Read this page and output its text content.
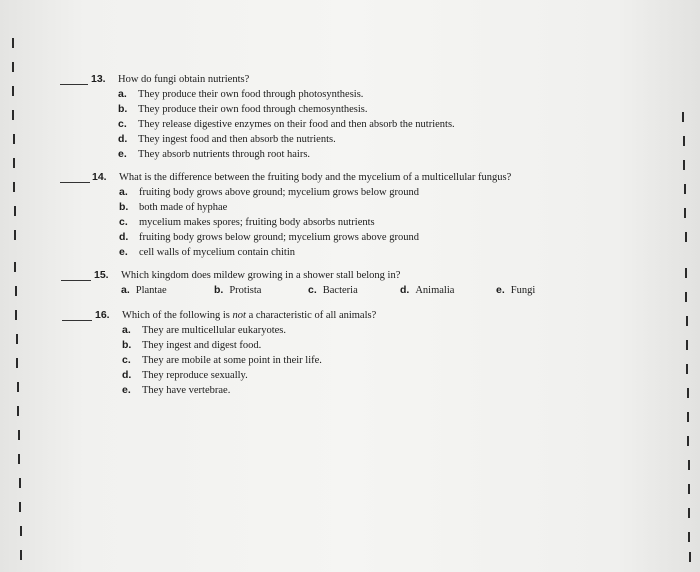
13. How do fungi obtain nutrients?
a. They produce their own food through photosynthesis.
b. They produce their own food through chemosynthesis.
c. They release digestive enzymes on their food and then absorb the nutrients.
d. They ingest food and then absorb the nutrients.
e. They absorb nutrients through root hairs.
14. What is the difference between the fruiting body and the mycelium of a multicellular fungus?
a. fruiting body grows above ground; mycelium grows below ground
b. both made of hyphae
c. mycelium makes spores; fruiting body absorbs nutrients
d. fruiting body grows below ground; mycelium grows above ground
e. cell walls of mycelium contain chitin
15. Which kingdom does mildew growing in a shower stall belong in?
a. Plantae	b. Protista	c. Bacteria	d. Animalia	e. Fungi
16. Which of the following is not a characteristic of all animals?
a. They are multicellular eukaryotes.
b. They ingest and digest food.
c. They are mobile at some point in their life.
d. They reproduce sexually.
e. They have vertebrae.
